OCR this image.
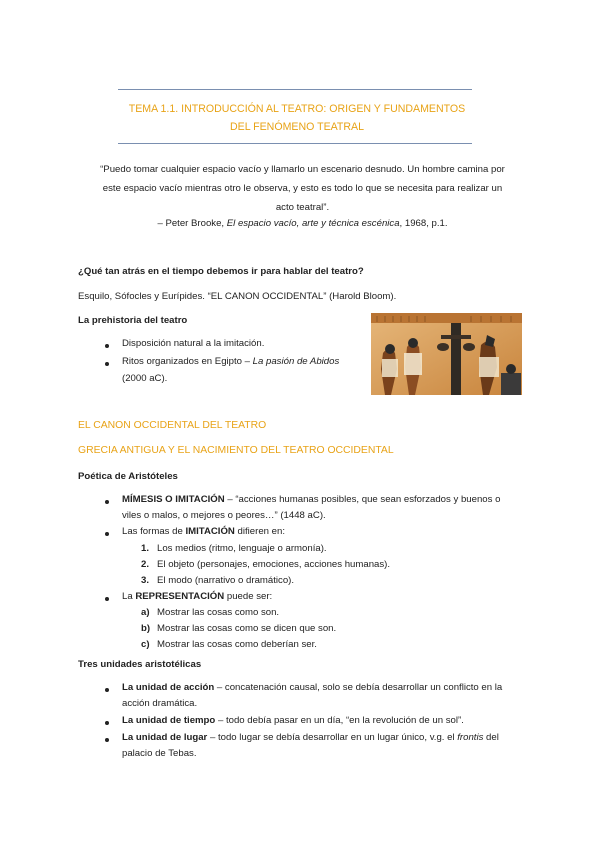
TEMA 1.1. INTRODUCCIÓN AL TEATRO: ORIGEN Y FUNDAMENTOS
DEL FENÓMENO TEATRAL
“Puedo tomar cualquier espacio vacío y llamarlo un escenario desnudo. Un hombre camina por
este espacio vacío mientras otro le observa, y esto es todo lo que se necesita para realizar un
acto teatral”.
– Peter Brooke, El espacio vacío, arte y técnica escénica, 1968, p.1.
¿Qué tan atrás en el tiempo debemos ir para hablar del teatro?
Esquilo, Sófocles y Eurípides. “EL CANON OCCIDENTAL” (Harold Bloom).
La prehistoria del teatro
Disposición natural a la imitación.
Ritos organizados en Egipto – La pasión de Abidos
(2000 aC).
EL CANON OCCIDENTAL DEL TEATRO
GRECIA ANTIGUA Y EL NACIMIENTO DEL TEATRO OCCIDENTAL
Poética de Aristóteles
MÍMESIS O IMITACIÓN – “acciones humanas posibles, que sean esforzados y buenos o
viles o malos, o mejores o peores…” (1448 aC).
Las formas de IMITACIÓN difieren en:
1. Los medios (ritmo, lenguaje o armonía).
2. El objeto (personajes, emociones, acciones humanas).
3. El modo (narrativo o dramático).
La REPRESENTACIÓN puede ser:
a) Mostrar las cosas como son.
b) Mostrar las cosas como se dicen que son.
c) Mostrar las cosas como deberían ser.
Tres unidades aristotélicas
La unidad de acción – concatenación causal, solo se debía desarrollar un conflicto en la
acción dramática.
La unidad de tiempo – todo debía pasar en un día, “en la revolución de un sol”.
La unidad de lugar – todo lugar se debía desarrollar en un lugar único, v.g. el frontis del
palacio de Tebas.
